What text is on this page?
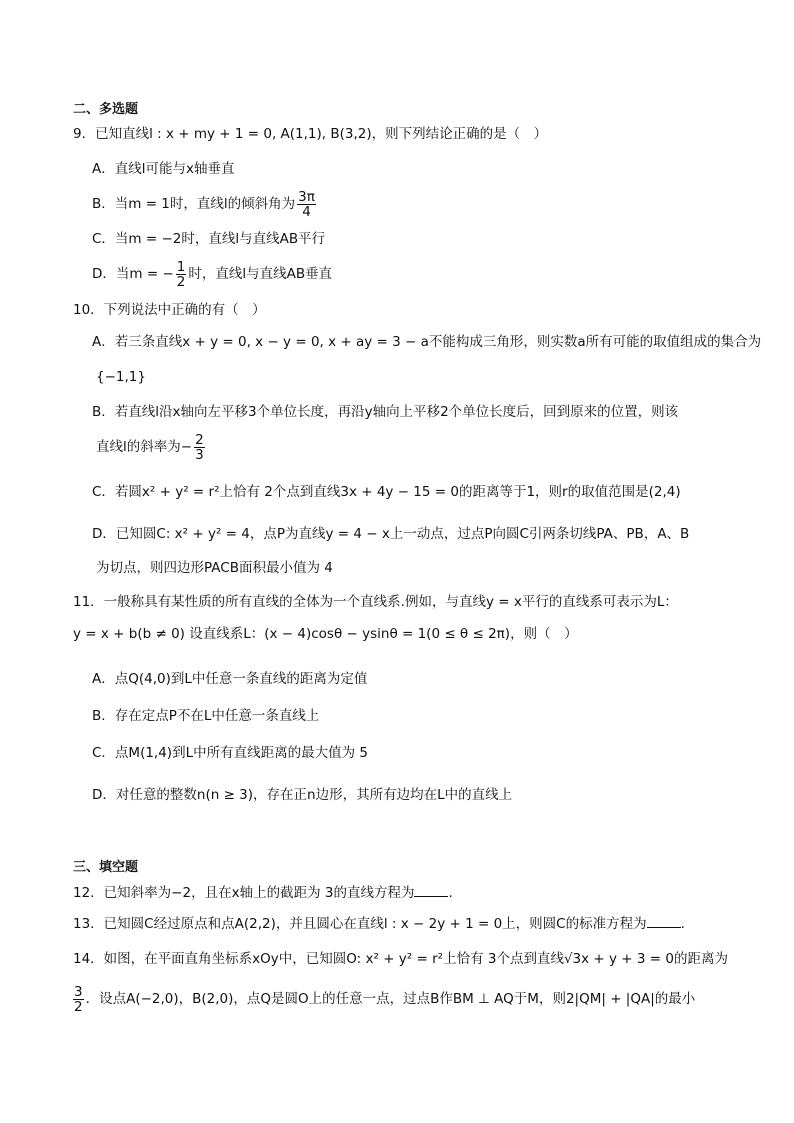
二、多选题
9．已知直线l : x + my + 1 = 0, A(1,1), B(3,2)，则下列结论正确的是（　）
A．直线l可能与x轴垂直
B．当m = 1时，直线l的倾斜角为 $\frac{3\pi}{4}$
C．当m = −2时，直线l与直线AB平行
D．当m = − $\frac{1}{2}$ 时，直线l与直线AB垂直
10．下列说法中正确的有（　）
A．若三条直线x + y = 0, x − y = 0, x + ay = 3 − a不能构成三角形，则实数a所有可能的取值组成的集合为
{−1,1}
B．若直线l沿x轴向左平移3个单位长度，再沿y轴向上平移2个单位长度后，回到原来的位置，则该
直线l的斜率为− $\frac{2}{3}$
C．若圆x² + y² = r²上恰有 2个点到直线3x + 4y − 15 = 0的距离等于1，则r的取值范围是(2,4)
D．已知圆C: x² + y² = 4，点P为直线y = 4 − x上一动点，过点P向圆C引两条切线PA、PB，A、B
为切点，则四边形PACB面积最小值为 4
11．一般称具有某性质的所有直线的全体为一个直线系.例如，与直线y = x平行的直线系可表示为L：
y = x + b(b ≠ 0) 设直线系L：(x − 4)cosθ − ysinθ = 1(0 ≤ θ ≤ 2π)，则（　）
A．点Q(4,0)到L中任意一条直线的距离为定值
B．存在定点P不在L中任意一条直线上
C．点M(1,4)到L中所有直线距离的最大值为 5
D．对任意的整数n(n ≥ 3)，存在正n边形，其所有边均在L中的直线上
三、填空题
12．已知斜率为−2，且在x轴上的截距为 3的直线方程为	.
13．已知圆C经过原点和点A(2,2)，并且圆心在直线l : x − 2y + 1 = 0上，则圆C的标准方程为	.
14．如图，在平面直角坐标系xOy中，已知圆O: x² + y² = r²上恰有 3个点到直线√3x + y + 3 = 0的距离为
$\frac{3}{2}$ ．设点A(−2,0)，B(2,0)，点Q是圆O上的任意一点，过点B作BM ⊥ AQ于M，则2|QM| + |QA|的最小
